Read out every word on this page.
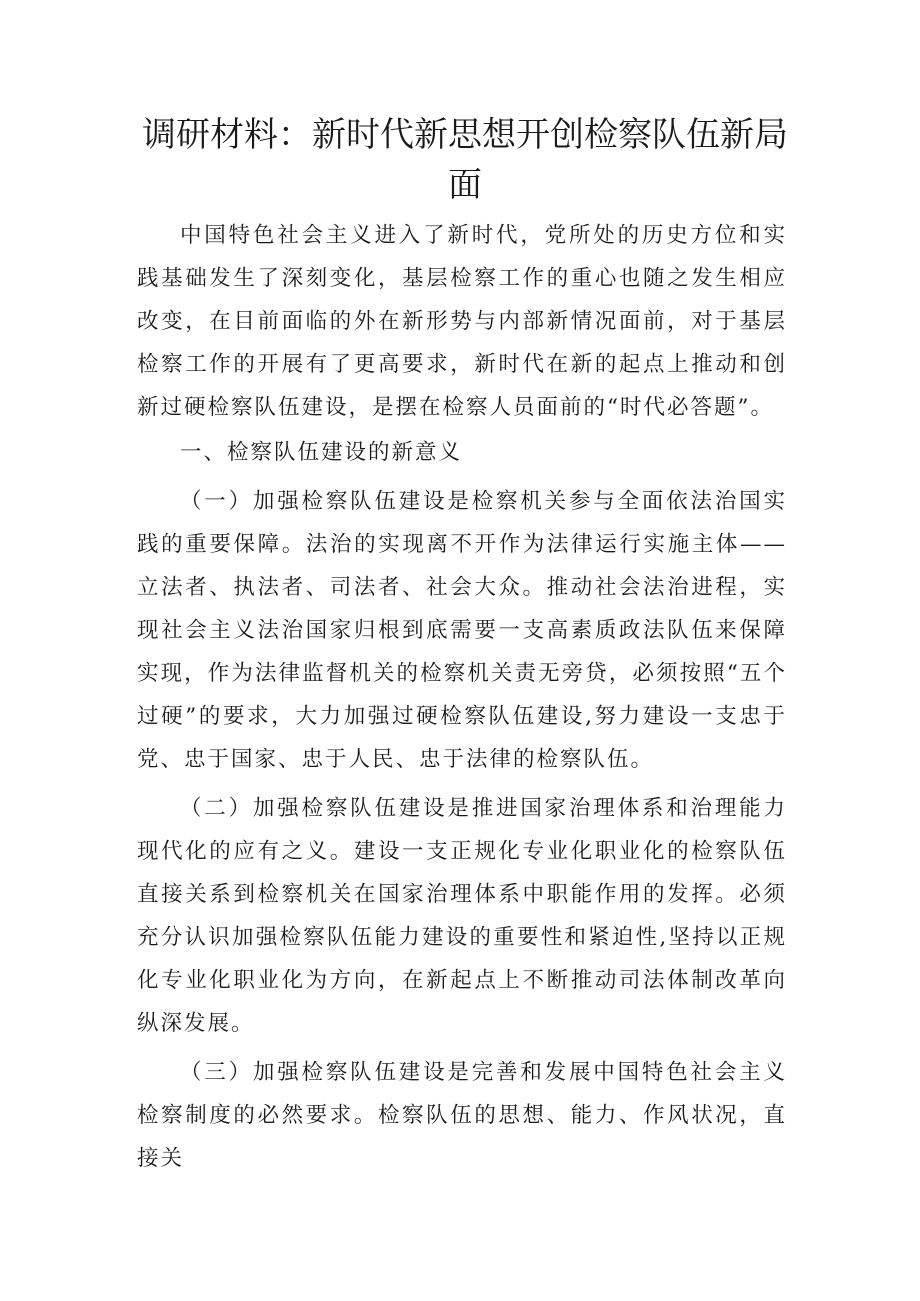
调研材料：新时代新思想开创检察队伍新局面

中国特色社会主义进入了新时代，党所处的历史方位和实践基础发生了深刻变化，基层检察工作的重心也随之发生相应改变，在目前面临的外在新形势与内部新情况面前，对于基层检察工作的开展有了更高要求，新时代在新的起点上推动和创新过硬检察队伍建设，是摆在检察人员面前的“时代必答题”。

一、检察队伍建设的新意义

（一）加强检察队伍建设是检察机关参与全面依法治国实践的重要保障。法治的实现离不开作为法律运行实施主体——立法者、执法者、司法者、社会大众。推动社会法治进程，实现社会主义法治国家归根到底需要一支高素质政法队伍来保障实现，作为法律监督机关的检察机关责无旁贷，必须按照“五个过硬”的要求，大力加强过硬检察队伍建设,努力建设一支忠于党、忠于国家、忠于人民、忠于法律的检察队伍。

（二）加强检察队伍建设是推进国家治理体系和治理能力现代化的应有之义。建设一支正规化专业化职业化的检察队伍直接关系到检察机关在国家治理体系中职能作用的发挥。必须充分认识加强检察队伍能力建设的重要性和紧迫性,坚持以正规化专业化职业化为方向，在新起点上不断推动司法体制改革向纵深发展。

（三）加强检察队伍建设是完善和发展中国特色社会主义检察制度的必然要求。检察队伍的思想、能力、作风状况，直接关
